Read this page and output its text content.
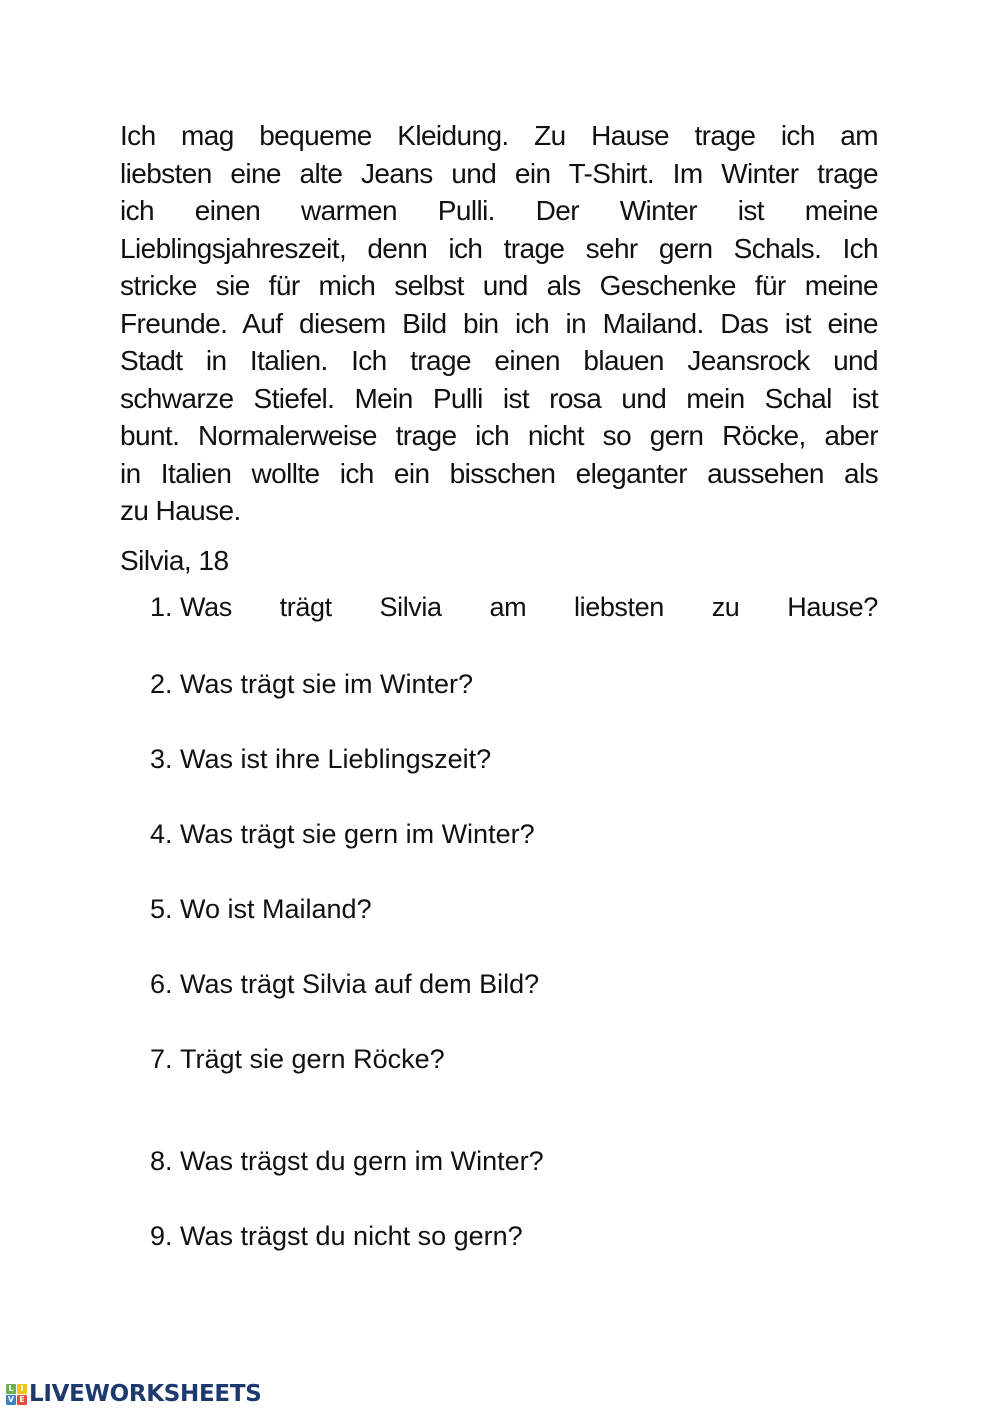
Ich mag bequeme Kleidung. Zu Hause trage ich am
liebsten eine alte Jeans und ein T-Shirt. Im Winter trage
ich einen warmen Pulli. Der Winter ist meine
Lieblingsjahreszeit, denn ich trage sehr gern Schals. Ich
stricke sie für mich selbst und als Geschenke für meine
Freunde. Auf diesem Bild bin ich in Mailand. Das ist eine
Stadt in Italien. Ich trage einen blauen Jeansrock und
schwarze Stiefel. Mein Pulli ist rosa und mein Schal ist
bunt. Normalerweise trage ich nicht so gern Röcke, aber
in Italien wollte ich ein bisschen eleganter aussehen als
zu Hause.
Silvia, 18
1. Was trägt Silvia am liebsten zu Hause?
2. Was trägt sie im Winter?
3. Was ist ihre Lieblingszeit?
4. Was trägt sie gern im Winter?
5. Wo ist Mailand?
6. Was trägt Silvia auf dem Bild?
7. Trägt sie gern Röcke?
8. Was trägst du gern im Winter?
9. Was trägst du nicht so gern?
L I
V E LIVEWORKSHEETS
